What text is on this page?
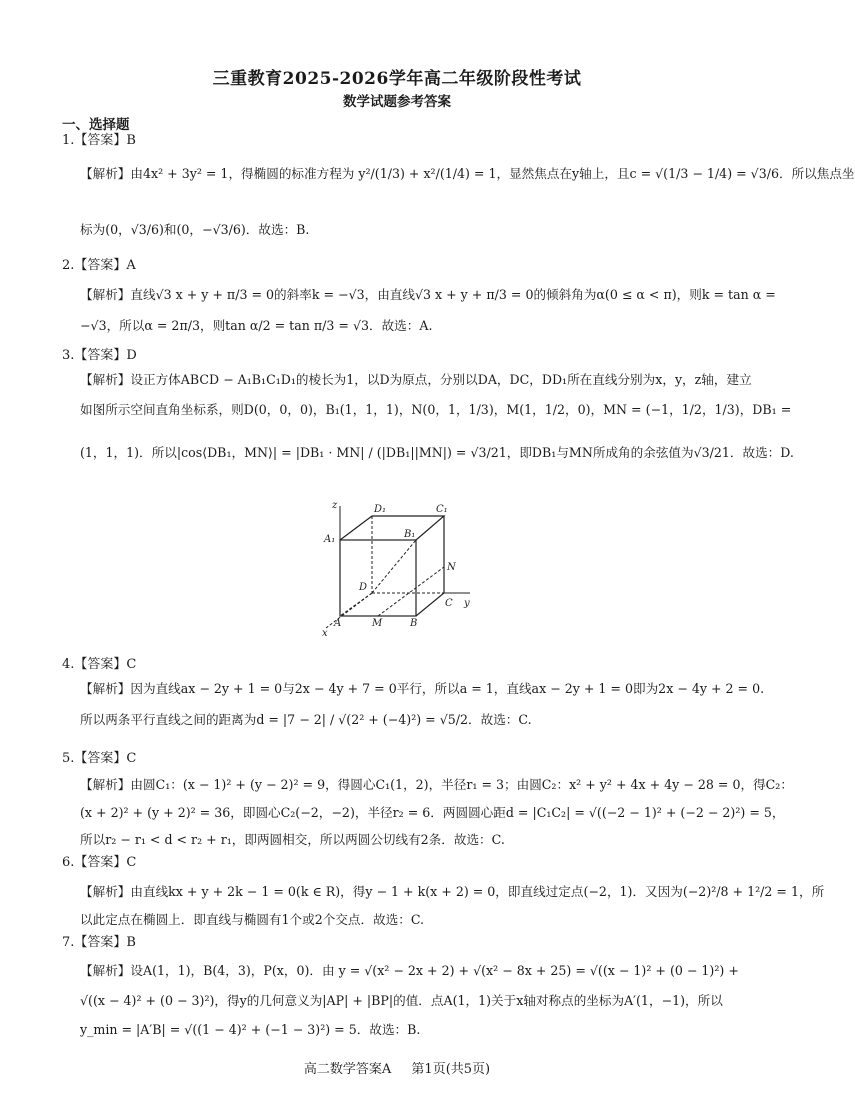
三重教育2025-2026学年高二年级阶段性考试
数学试题参考答案
一、选择题
1.【答案】B
【解析】由4x² + 3y² = 1，得椭圆的标准方程为 y²/(1/3) + x²/(1/4) = 1，显然焦点在y轴上，且c = √(1/3 − 1/4) = √3/6．所以焦点坐
标为(0，√3/6)和(0，−√3/6)．故选：B.
2.【答案】A
【解析】直线√3 x + y + π/3 = 0的斜率k = −√3，由直线√3 x + y + π/3 = 0的倾斜角为α(0 ≤ α < π)，则k = tan α =
−√3，所以α = 2π/3，则tan α/2 = tan π/3 = √3．故选：A.
3.【答案】D
【解析】设正方体ABCD − A₁B₁C₁D₁的棱长为1，以D为原点，分别以DA，DC，DD₁所在直线分别为x，y，z轴，建立
如图所示空间直角坐标系，则D(0，0，0)，B₁(1，1，1)，N(0，1，1/3)，M(1，1/2，0)，MN = (−1，1/2，1/3)，DB₁ =
(1，1，1)．所以|cos⟨DB₁，MN⟩| = |DB₁ · MN| / (|DB₁||MN|) = √3/21，即DB₁与MN所成角的余弦值为√3/21．故选：D.
z	D₁	C₁
A₁	B₁
N
D
C y
x
A	M	B
4.【答案】C
【解析】因为直线ax − 2y + 1 = 0与2x − 4y + 7 = 0平行，所以a = 1，直线ax − 2y + 1 = 0即为2x − 4y + 2 = 0.
所以两条平行直线之间的距离为d = |7 − 2| / √(2² + (−4)²) = √5/2．故选：C.
5.【答案】C
【解析】由圆C₁：(x − 1)² + (y − 2)² = 9，得圆心C₁(1，2)，半径r₁ = 3；由圆C₂：x² + y² + 4x + 4y − 28 = 0，得C₂：
(x + 2)² + (y + 2)² = 36，即圆心C₂(−2，−2)，半径r₂ = 6．两圆圆心距d = |C₁C₂| = √((−2 − 1)² + (−2 − 2)²) = 5，
所以r₂ − r₁ < d < r₂ + r₁，即两圆相交，所以两圆公切线有2条．故选：C.
6.【答案】C
【解析】由直线kx + y + 2k − 1 = 0(k ∈ R)，得y − 1 + k(x + 2) = 0，即直线过定点(−2，1)．又因为(−2)²/8 + 1²/2 = 1，所
以此定点在椭圆上．即直线与椭圆有1个或2个交点．故选：C.
7.【答案】B
【解析】设A(1，1)，B(4，3)，P(x，0)．由 y = √(x² − 2x + 2) + √(x² − 8x + 25) = √((x − 1)² + (0 − 1)²) +
√((x − 4)² + (0 − 3)²)，得y的几何意义为|AP| + |BP|的值．点A(1，1)关于x轴对称点的坐标为A′(1，−1)，所以
y_min = |A′B| = √((1 − 4)² + (−1 − 3)²) = 5．故选：B.
高二数学答案A 第1页(共5页)
